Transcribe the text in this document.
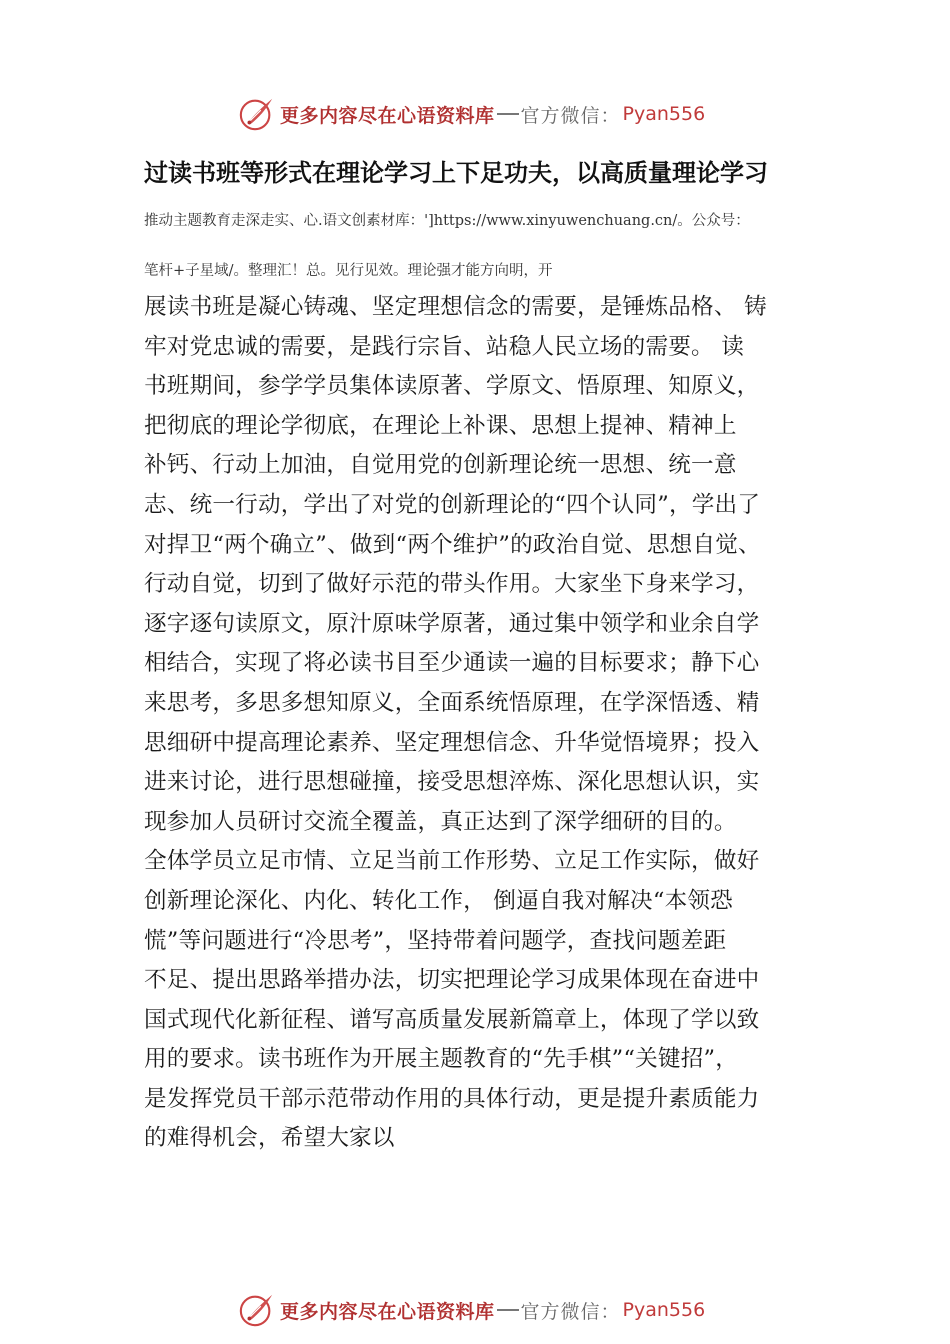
更多内容尽在心语资料库 官方微信： Pyan556
过读书班等形式在理论学习上下足功夫，以高质量理论学习
推动主题教育走深走实、心.语文创素材库：']https://www.xinyuwenchuang.cn/。公众号：
笔杆+子星域/。整理汇！总。见行见效。理论强才能方向明，开

展读书班是凝心铸魂、坚定理想信念的需要，是锤炼品格、 铸

牢对党忠诚的需要，是践行宗旨、站稳人民立场的需要。 读

书班期间，参学学员集体读原著、学原文、悟原理、知原义，

把彻底的理论学彻底，在理论上补课、思想上提神、精神上

补钙、行动上加油，自觉用党的创新理论统一思想、统一意

志、统一行动，学出了对党的创新理论的“四个认同”，学出了

对捍卫“两个确立”、做到“两个维护”的政治自觉、思想自觉、

行动自觉，切到了做好示范的带头作用。大家坐下身来学习，

逐字逐句读原文，原汁原味学原著，通过集中领学和业余自学

相结合，实现了将必读书目至少通读一遍的目标要求；静下心

来思考，多思多想知原义，全面系统悟原理，在学深悟透、精

思细研中提高理论素养、坚定理想信念、升华觉悟境界；投入

进来讨论，进行思想碰撞，接受思想淬炼、深化思想认识，实

现参加人员研讨交流全覆盖，真正达到了深学细研的目的。

全体学员立足市情、立足当前工作形势、立足工作实际，做好

创新理论深化、内化、转化工作， 倒逼自我对解决“本领恐

慌”等问题进行“冷思考”，坚持带着问题学，查找问题差距

不足、提出思路举措办法，切实把理论学习成果体现在奋进中

国式现代化新征程、谱写高质量发展新篇章上，体现了学以致

用的要求。读书班作为开展主题教育的“先手棋”“关键招”，

是发挥党员干部示范带动作用的具体行动，更是提升素质能力

的难得机会，希望大家以

更多内容尽在心语资料库 官方微信： Pyan556
